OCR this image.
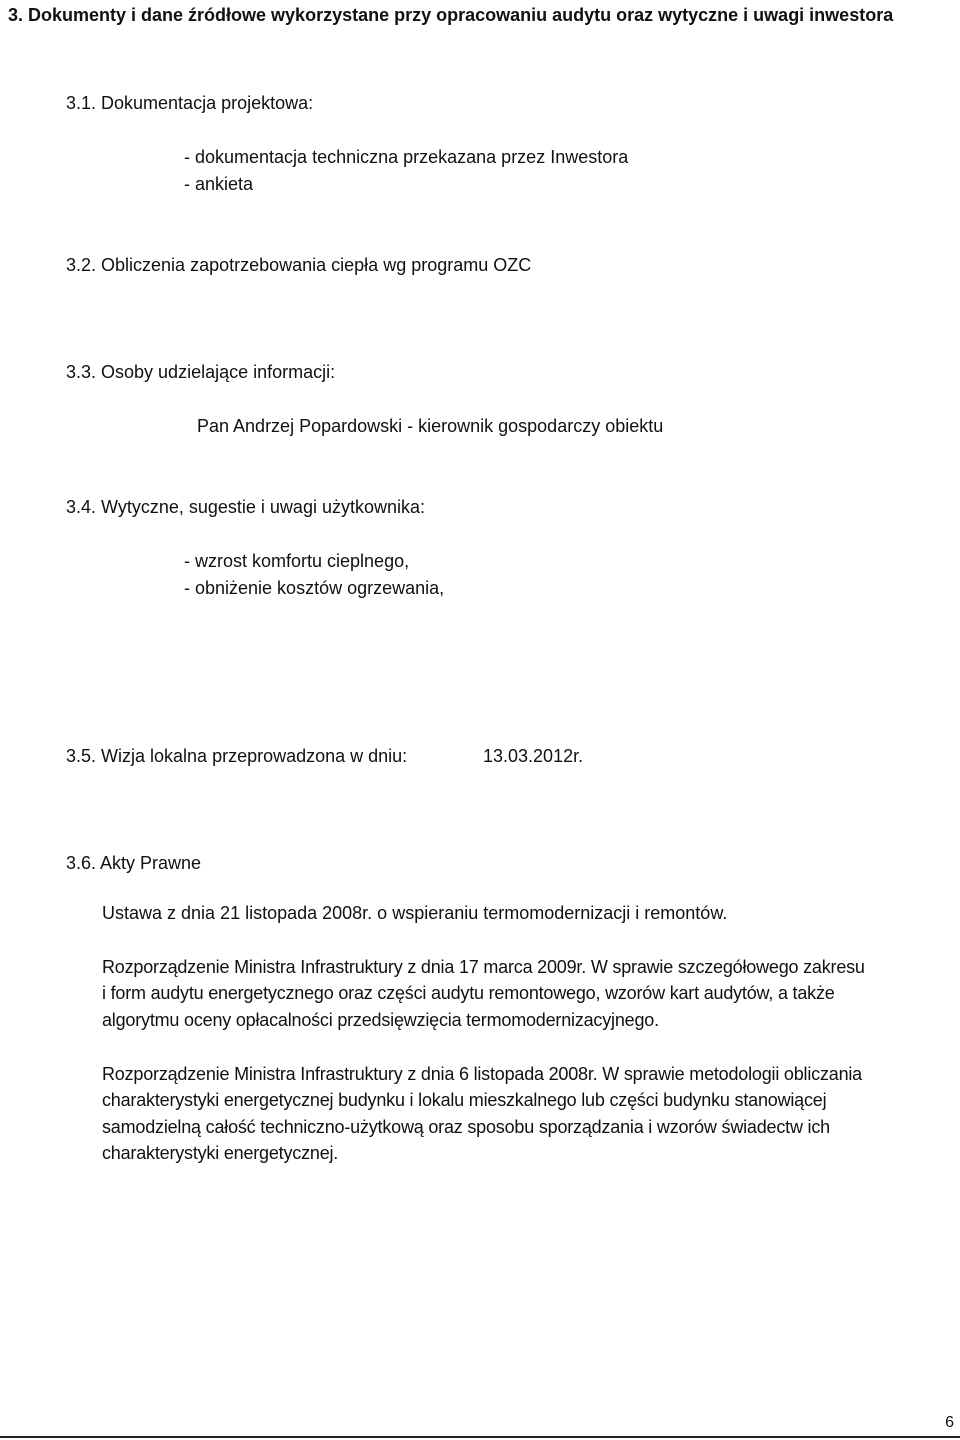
3. Dokumenty i dane źródłowe wykorzystane przy opracowaniu audytu oraz wytyczne i uwagi inwestora
3.1. Dokumentacja projektowa:
- dokumentacja techniczna przekazana przez Inwestora
- ankieta
3.2. Obliczenia zapotrzebowania ciepła wg programu OZC
3.3. Osoby udzielające informacji:
Pan Andrzej Popardowski - kierownik gospodarczy obiektu
3.4. Wytyczne, sugestie i uwagi użytkownika:
- wzrost komfortu cieplnego,
- obniżenie kosztów ogrzewania,
3.5. Wizja lokalna przeprowadzona w dniu:	13.03.2012r.
3.6. Akty Prawne
Ustawa z dnia 21 listopada 2008r. o wspieraniu termomodernizacji i remontów.
Rozporządzenie Ministra Infrastruktury z dnia 17 marca 2009r. W sprawie szczegółowego zakresu
i form audytu energetycznego oraz części audytu remontowego, wzorów kart audytów, a także
algorytmu oceny opłacalności przedsięwzięcia termomodernizacyjnego.
Rozporządzenie Ministra Infrastruktury z dnia 6 listopada 2008r. W sprawie metodologii obliczania
charakterystyki energetycznej budynku i lokalu mieszkalnego lub części budynku stanowiącej
samodzielną całość techniczno-użytkową oraz sposobu sporządzania i wzorów świadectw ich
charakterystyki energetycznej.
6
